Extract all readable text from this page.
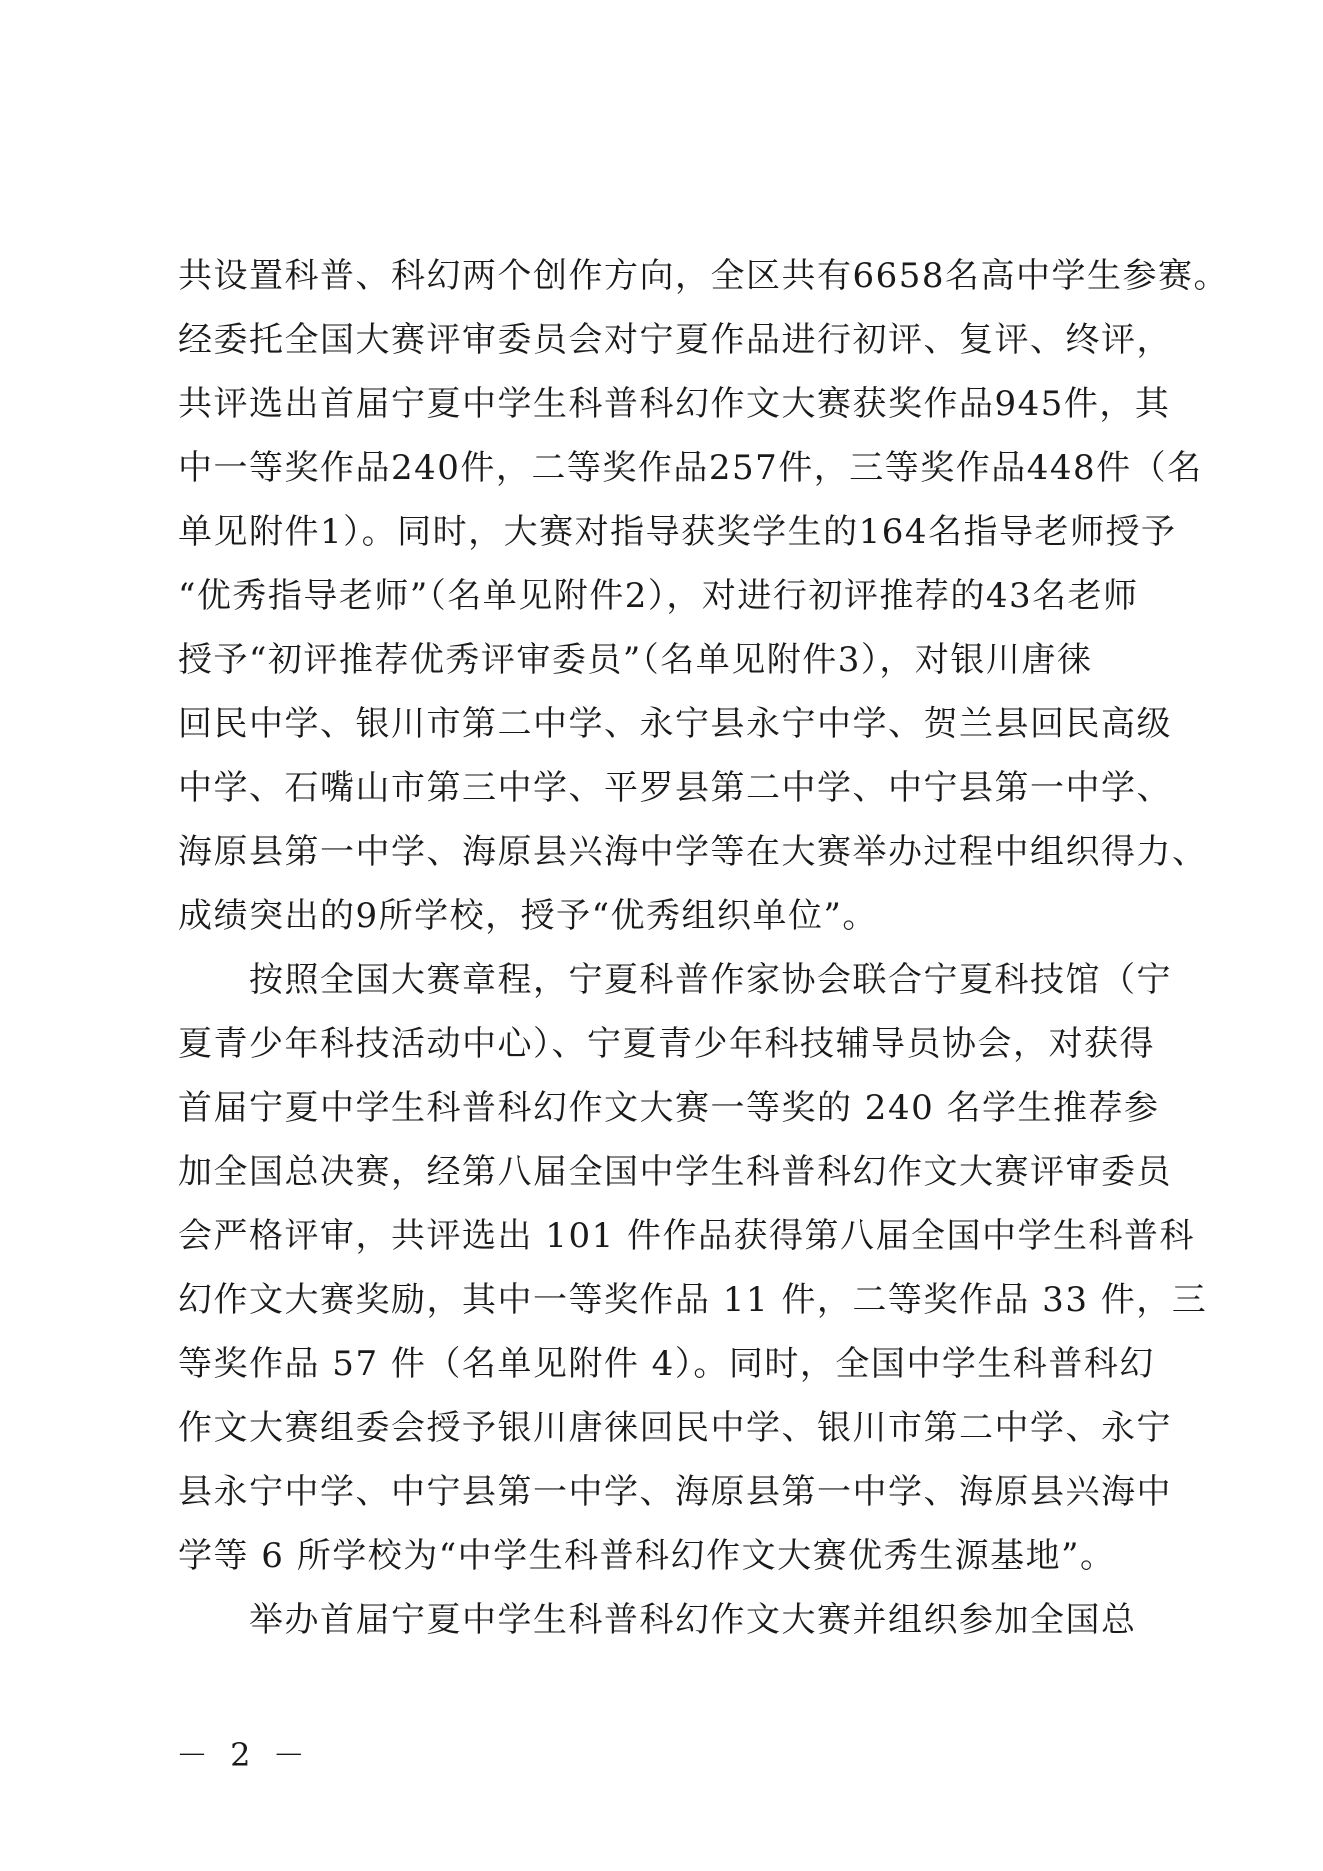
共设置科普、科幻两个创作方向，全区共有6658名高中学生参赛。
经委托全国大赛评审委员会对宁夏作品进行初评、复评、终评，
共评选出首届宁夏中学生科普科幻作文大赛获奖作品945件，其
中一等奖作品240件，二等奖作品257件，三等奖作品448件（名
单见附件1）。同时，大赛对指导获奖学生的164名指导老师授予
“优秀指导老师”（名单见附件2），对进行初评推荐的43名老师
授予“初评推荐优秀评审委员”（名单见附件3），对银川唐徕
回民中学、银川市第二中学、永宁县永宁中学、贺兰县回民高级
中学、石嘴山市第三中学、平罗县第二中学、中宁县第一中学、
海原县第一中学、海原县兴海中学等在大赛举办过程中组织得力、
成绩突出的9所学校，授予“优秀组织单位”。
　　按照全国大赛章程，宁夏科普作家协会联合宁夏科技馆（宁
夏青少年科技活动中心）、宁夏青少年科技辅导员协会，对获得
首届宁夏中学生科普科幻作文大赛一等奖的 240 名学生推荐参
加全国总决赛，经第八届全国中学生科普科幻作文大赛评审委员
会严格评审，共评选出 101 件作品获得第八届全国中学生科普科
幻作文大赛奖励，其中一等奖作品 11 件，二等奖作品 33 件，三
等奖作品 57 件（名单见附件 4）。同时，全国中学生科普科幻
作文大赛组委会授予银川唐徕回民中学、银川市第二中学、永宁
县永宁中学、中宁县第一中学、海原县第一中学、海原县兴海中
学等 6 所学校为“中学生科普科幻作文大赛优秀生源基地”。
　　举办首届宁夏中学生科普科幻作文大赛并组织参加全国总
－ 2 －
